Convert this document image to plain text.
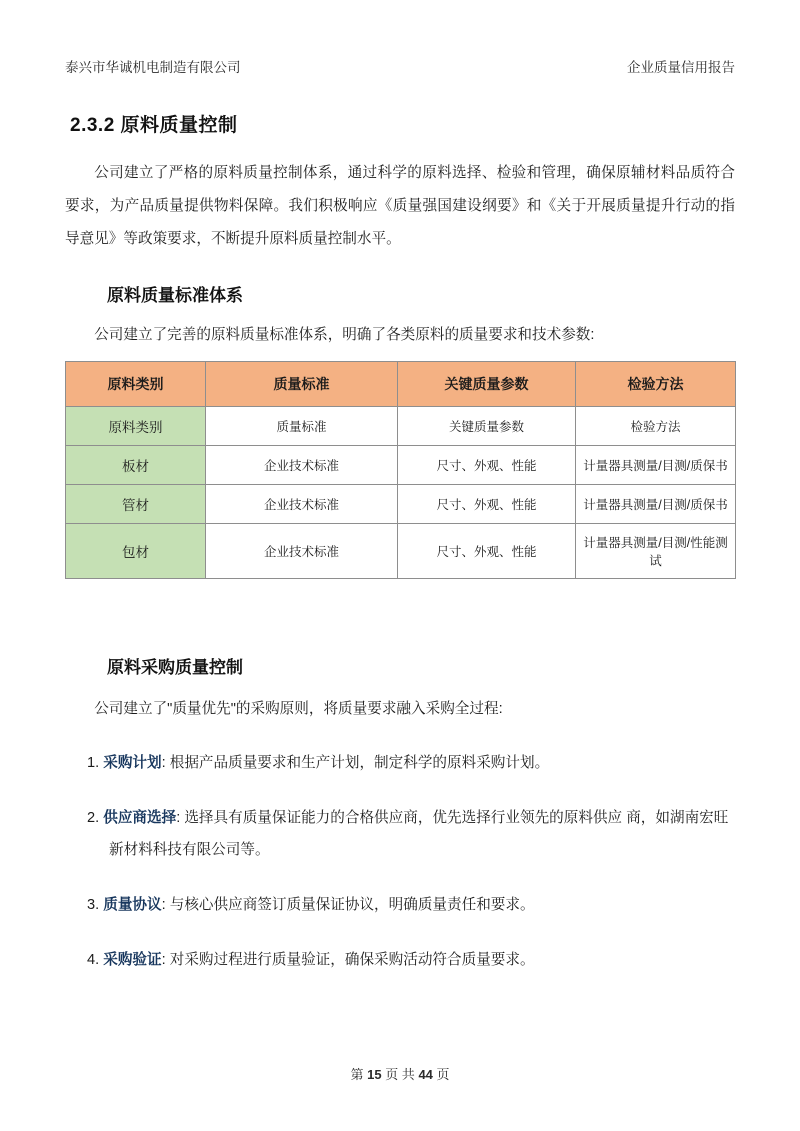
泰兴市华诚机电制造有限公司	企业质量信用报告
2.3.2 原料质量控制

公司建立了严格的原料质量控制体系，通过科学的原料选择、检验和管理，确保原辅材料品质符合要求，为产品质量提供物料保障。我们积极响应《质量强国建设纲要》和《关于开展质量提升行动的指导意见》等政策要求，不断提升原料质量控制水平。

原料质量标准体系

公司建立了完善的原料质量标准体系，明确了各类原料的质量要求和技术参数:

原料类别	质量标准	关键质量参数	检验方法
原料类别	质量标准	关键质量参数	检验方法
板材	企业技术标准	尺寸、外观、性能	计量器具测量/目测/质保书
管材	企业技术标准	尺寸、外观、性能	计量器具测量/目测/质保书
包材	企业技术标准	尺寸、外观、性能	计量器具测量/目测/性能测试
原料采购质量控制

公司建立了"质量优先"的采购原则，将质量要求融入采购全过程:

1. 采购计划: 根据产品质量要求和生产计划，制定科学的原料采购计划。
2. 供应商选择: 选择具有质量保证能力的合格供应商，优先选择行业领先的原料供应 商，如湖南宏旺新材料科技有限公司等。
3. 质量协议: 与核心供应商签订质量保证协议，明确质量责任和要求。
4. 采购验证: 对采购过程进行质量验证，确保采购活动符合质量要求。
第 15 页 共 44 页
